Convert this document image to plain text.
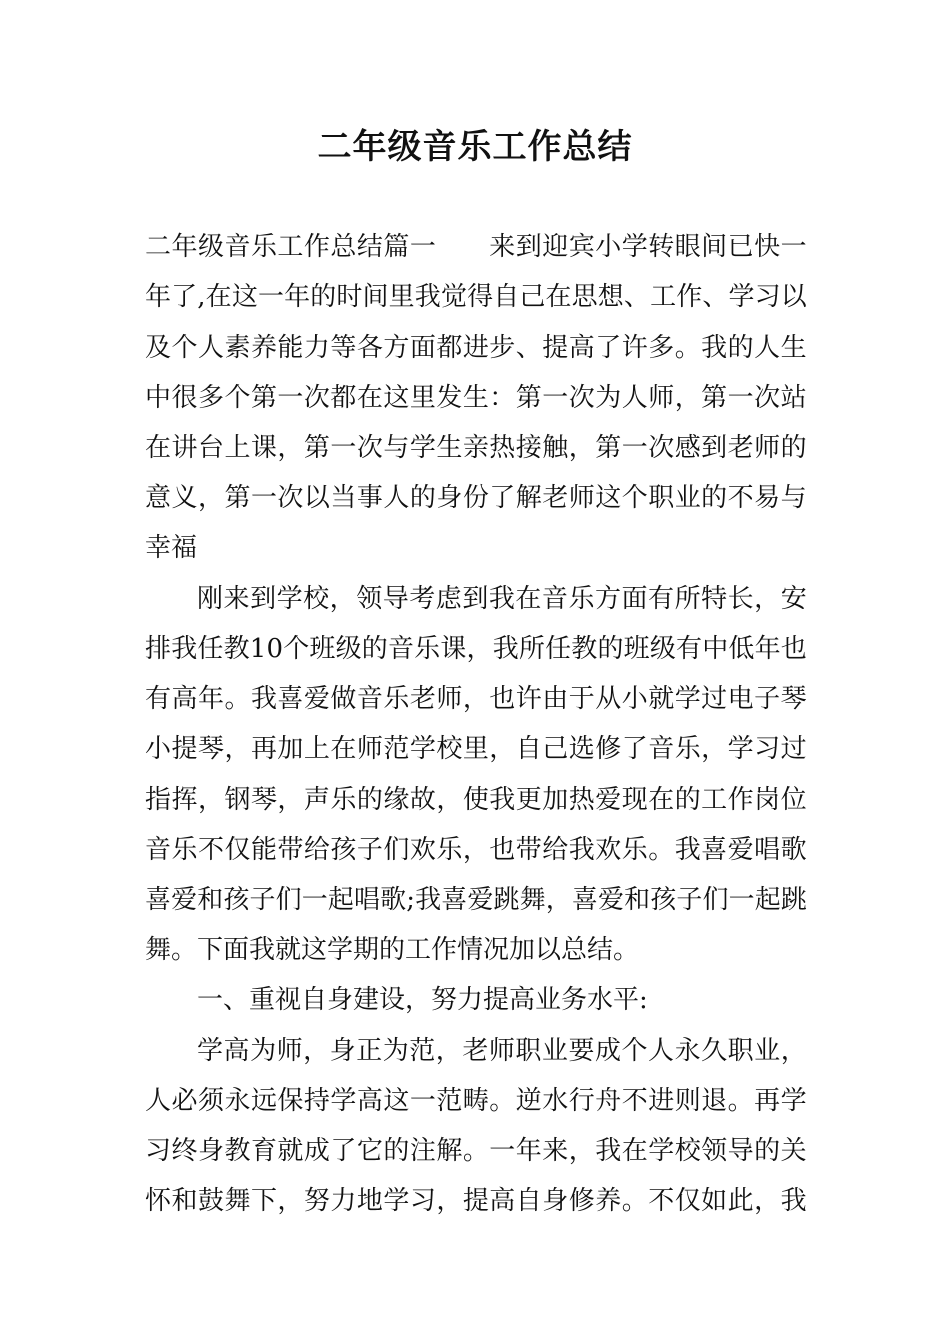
二年级音乐工作总结
二 年 级 音 乐 工 作 总 结 篇 一

　 来 到 迎 宾 小 学 转 眼 间 已 快 一
年 了 , 在 这 一 年 的 时 间 里 我 觉 得 自 己 在 思 想 、 工 作 、 学 习 以
及 个 人 素 养 能 力 等 各 方 面 都 进 步 、 提 高 了 许 多 。 我 的 人 生
中 很 多 个 第 一 次 都 在 这 里 发 生 ： 第 一 次 为 人 师 ， 第 一 次 站
在 讲 台 上 课 ， 第 一 次 与 学 生 亲 热 接 触 ， 第 一 次 感 到 老 师 的
意 义 ， 第 一 次 以 当 事 人 的 身 份 了 解 老 师 这 个 职 业 的 不 易 与
幸福
刚 来 到 学 校 ， 领 导 考 虑 到 我 在 音 乐 方 面 有 所 特 长 ， 安
排 我 任 教 1 0 个 班 级 的 音 乐 课 ， 我 所 任 教 的 班 级 有 中 低 年 也
有 高 年 。 我 喜 爱 做 音 乐 老 师 ， 也 许 由 于 从 小 就 学 过 电 子 琴
小 提 琴 ， 再 加 上 在 师 范 学 校 里 ， 自 己 选 修 了 音 乐 ， 学 习 过
指 挥 ， 钢 琴 ， 声 乐 的 缘 故 ， 使 我 更 加 热 爱 现 在 的 工 作 岗 位
音 乐 不 仅 能 带 给 孩 子 们 欢 乐 ， 也 带 给 我 欢 乐 。 我 喜 爱 唱 歌
喜 爱 和 孩 子 们 一 起 唱 歌 ; 我 喜 爱 跳 舞 ， 喜 爱 和 孩 子 们 一 起 跳
舞。下面我就这学期的工作情况加以总结。
一、重视自身建设，努力提高业务水平:
学 高 为 师 ， 身 正 为 范 ， 老 师 职 业 要 成 个 人 永 久 职 业 ，
人 必 须 永 远 保 持 学 高 这 一 范 畴 。 逆 水 行 舟 不 进 则 退 。 再 学
习 终 身 教 育 就 成 了 它 的 注 解 。 一 年 来 ， 我 在 学 校 领 导 的 关
怀 和 鼓 舞 下 ， 努 力 地 学 习 ， 提 高 自 身 修 养 。 不 仅 如 此 ， 我
